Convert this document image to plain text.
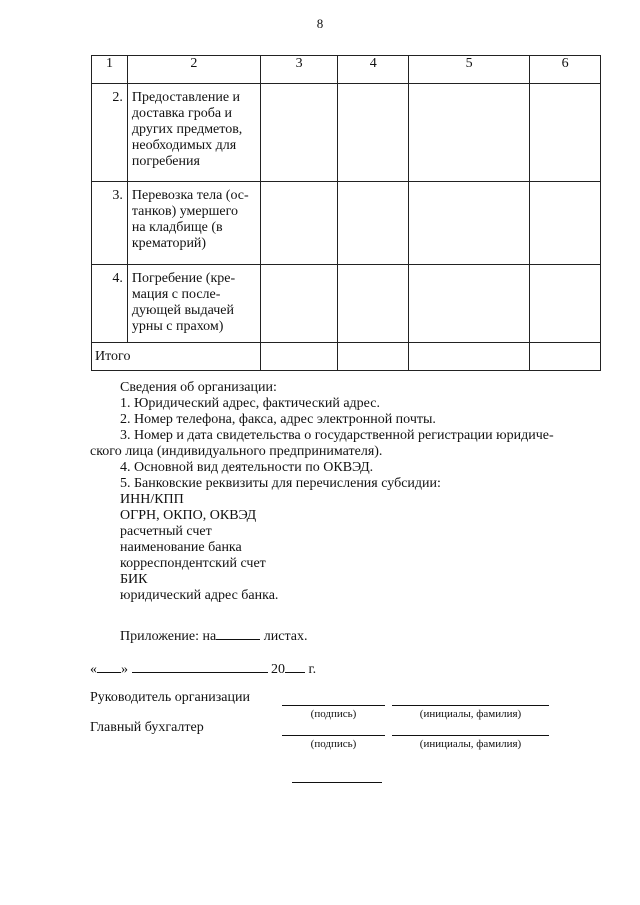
8
1	2	3	4	5	6
2.	Предоставление и
доставка гроба и
других предметов,
необходимых для
погребения				

3.	Перевозка тела (ос-
танков) умершего
на кладбище (в
крематорий)				

4.	Погребение (кре-
мация с после-
дующей выдачей
урны с прахом)				

Итого					
Сведения об организации:
1. Юридический адрес, фактический адрес.
2. Номер телефона, факса, адрес электронной почты.
3. Номер и дата свидетельства о государственной регистрации юридиче-
ского лица (индивидуального предпринимателя).
4. Основной вид деятельности по ОКВЭД.
5. Банковские реквизиты для перечисления субсидии:
ИНН/КПП
ОГРН, ОКПО, ОКВЭД
расчетный счет
наименование банка
корреспондентский счет
БИК
юридический адрес банка.
Приложение: на	листах.
« »	20 г.
Руководитель организации
(подпись)	(инициалы, фамилия)
Главный бухгалтер
(подпись)	(инициалы, фамилия)
